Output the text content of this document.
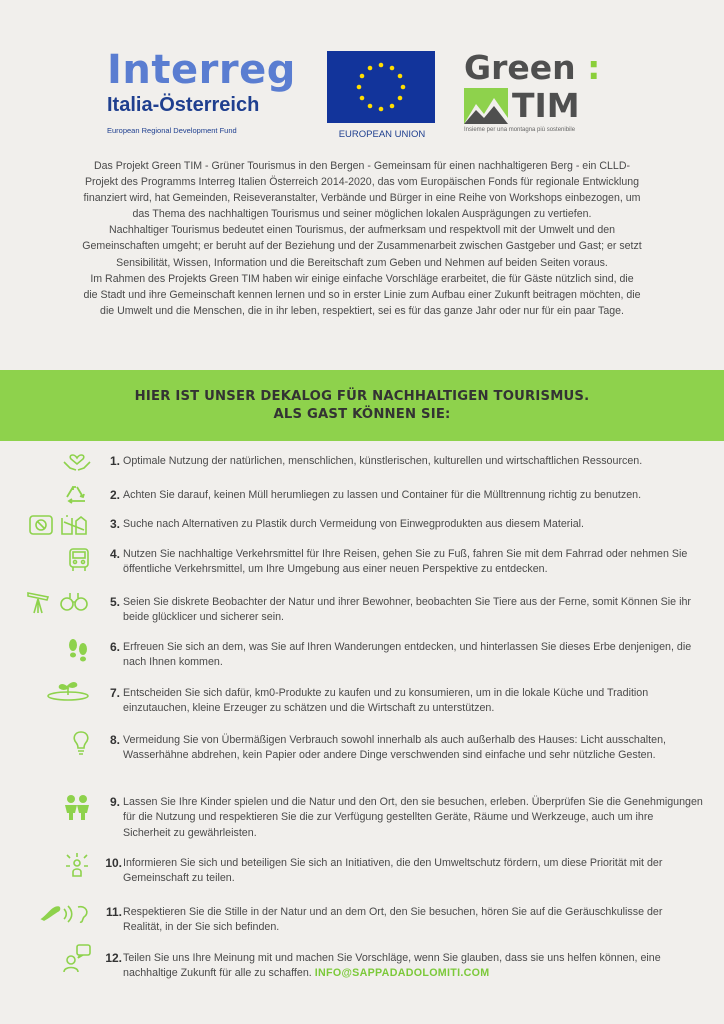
Interreg
Italia-Österreich
European Regional Development Fund	EUROPEAN UNION
Green :
TIM
Insieme per una montagna più sostenibile

Das Projekt Green TIM - Grüner Tourismus in den Bergen - Gemeinsam für einen nachhaltigeren Berg - ein CLLD-Projekt des Programms Interreg Italien Österreich 2014-2020, das vom Europäischen Fonds für regionale Entwicklung finanziert wird, hat Gemeinden, Reiseveranstalter, Verbände und Bürger in eine Reihe von Workshops einbezogen, um das Thema des nachhaltigen Tourismus und seiner möglichen lokalen Ausprägungen zu vertiefen.

Nachhaltiger Tourismus bedeutet einen Tourismus, der aufmerksam und respektvoll mit der Umwelt und den Gemeinschaften umgeht; er beruht auf der Beziehung und der Zusammenarbeit zwischen Gastgeber und Gast; er setzt Sensibilität, Wissen, Information und die Bereitschaft zum Geben und Nehmen auf beiden Seiten voraus.

Im Rahmen des Projekts Green TIM haben wir einige einfache Vorschläge erarbeitet, die für Gäste nützlich sind, die die Stadt und ihre Gemeinschaft kennen lernen und so in erster Linie zum Aufbau einer Zukunft beitragen möchten, die die Umwelt und die Menschen, die in ihr leben, respektiert, sei es für das ganze Jahr oder nur für ein paar Tage.

HIER IST UNSER DEKALOG FÜR NACHHALTIGEN TOURISMUS.
ALS GAST KÖNNEN SIE:
1. Optimale Nutzung der natürlichen, menschlichen, künstlerischen, kulturellen und wirtschaftlichen Ressourcen.
2. Achten Sie darauf, keinen Müll herumliegen zu lassen und Container für die Mülltrennung richtig zu benutzen.
3. Suche nach Alternativen zu Plastik durch Vermeidung von Einwegprodukten aus diesem Material.
4. Nutzen Sie nachhaltige Verkehrsmittel für Ihre Reisen, gehen Sie zu Fuß, fahren Sie mit dem Fahrrad oder nehmen Sie öffentliche Verkehrsmittel, um Ihre Umgebung aus einer neuen Perspektive zu entdecken.
5. Seien Sie diskrete Beobachter der Natur und ihrer Bewohner, beobachten Sie Tiere aus der Ferne, somit Können Sie ihr beide glücklicer und sicherer sein.
6. Erfreuen Sie sich an dem, was Sie auf Ihren Wanderungen entdecken, und hinterlassen Sie dieses Erbe denjenigen, die nach Ihnen kommen.
7. Entscheiden Sie sich dafür, km0-Produkte zu kaufen und zu konsumieren, um in die lokale Küche und Tradition einzutauchen, kleine Erzeuger zu schätzen und die Wirtschaft zu unterstützen.
8. Vermeidung Sie von Übermäßigen Verbrauch sowohl innerhalb als auch außerhalb des Hauses: Licht ausschalten, Wasserhähne abdrehen, kein Papier oder andere Dinge verschwenden sind einfache und sehr nützliche Gesten.
9. Lassen Sie Ihre Kinder spielen und die Natur und den Ort, den sie besuchen, erleben. Überprüfen Sie die Genehmigungen für die Nutzung und respektieren Sie die zur Verfügung gestellten Geräte, Räume und Werkzeuge, auch um ihre Sicherheit zu gewährleisten.
10. Informieren Sie sich und beteiligen Sie sich an Initiativen, die den Umweltschutz fördern, um diese Priorität mit der Gemeinschaft zu teilen.
11. Respektieren Sie die Stille in der Natur und an dem Ort, den Sie besuchen, hören Sie auf die Geräuschkulisse der Realität, in der Sie sich befinden.
12. Teilen Sie uns Ihre Meinung mit und machen Sie Vorschläge, wenn Sie glauben, dass sie uns helfen können, eine nachhaltige Zukunft für alle zu schaffen. INFO@SAPPADADOLOMITI.COM
